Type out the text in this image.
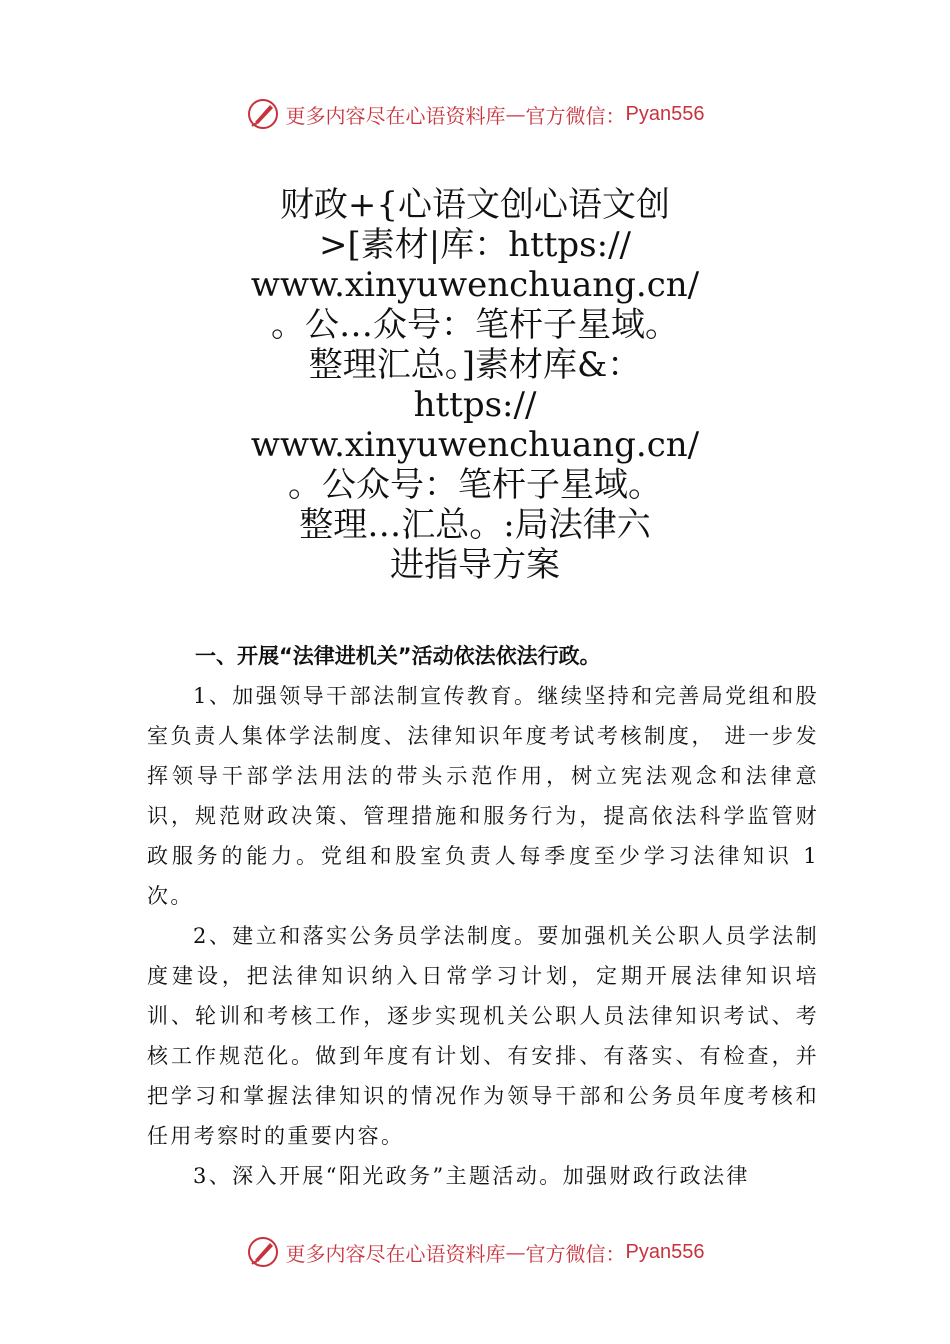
更多内容尽在心语资料库 — 官方微信： Pyan556
财政+{心语文创心语文创
>[素材|库：https://
www.xinyuwenchuang.cn/
。公…众号：笔杆子星域。
整理汇总。]素材库&：
https://
www.xinyuwenchuang.cn/
。公众号：笔杆子星域。
整理…汇总。:局法律六
进指导方案

一、开展“法律进机关”活动依法依法行政。

1、加强领导干部法制宣传教育。继续坚持和完善局党组和股室负责人集体学法制度、法律知识年度考试考核制度， 进一步发挥领导干部学法用法的带头示范作用，树立宪法观念和法律意识，规范财政决策、管理措施和服务行为，提高依法科学监管财政服务的能力。党组和股室负责人每季度至少学习法律知识 1 次。

2、建立和落实公务员学法制度。要加强机关公职人员学法制度建设，把法律知识纳入日常学习计划，定期开展法律知识培训、轮训和考核工作，逐步实现机关公职人员法律知识考试、考核工作规范化。做到年度有计划、有安排、有落实、有检查，并把学习和掌握法律知识的情况作为领导干部和公务员年度考核和任用考察时的重要内容。

3、深入开展“阳光政务”主题活动。加强财政行政法律

更多内容尽在心语资料库 — 官方微信： Pyan556
